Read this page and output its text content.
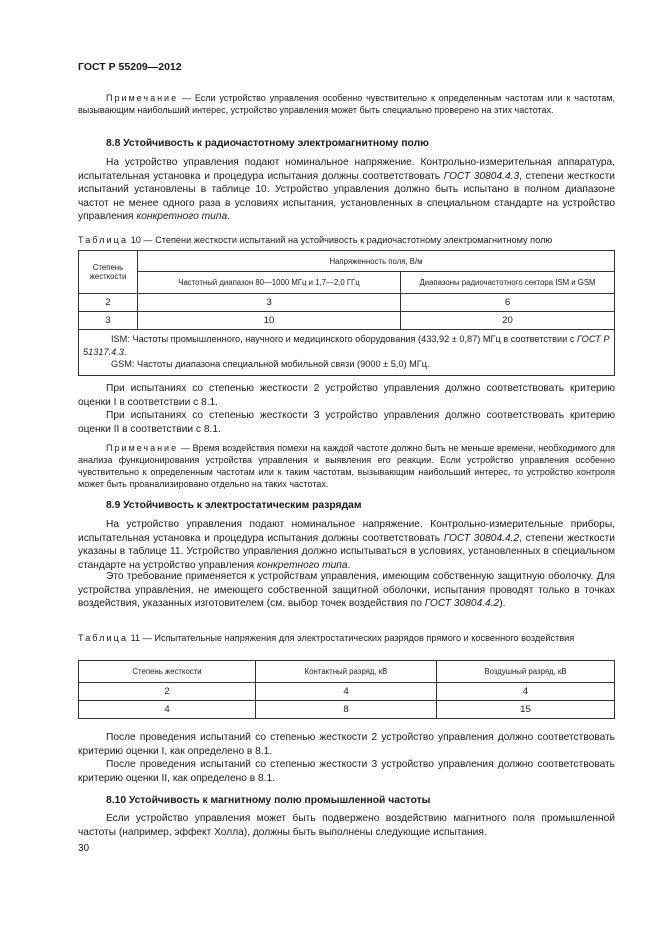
ГОСТ Р 55209—2012

Примечание — Если устройство управления особенно чувствительно к определенным частотам или к частотам, вызывающим наибольший интерес, устройство управления может быть специально проверено на этих частотах.

8.8 Устойчивость к радиочастотному электромагнитному полю

На устройство управления подают номинальное напряжение. Контрольно-измерительная аппаратура, испытательная установка и процедура испытания должны соответствовать ГОСТ 30804.4.3, степени жесткости испытаний установлены в таблице 10. Устройство управления должно быть испытано в полном диапазоне частот не менее одного раза в условиях испытания, установленных в специальном стандарте на устройство управления конкретного типа.

Таблица 10 — Степени жесткости испытаний на устойчивость к радиочастотному электромагнитному полю

Степень жесткости	Напряженность поля, В/м	
	Частотный диапазон 80—1000 МГц и 1,7—2,0 ГГц	Диапазоны радиочастотного сектора ISM и GSM
2	3	6
3	10	20

ISM: Частоты промышленного, научного и медицинского оборудования (433,92 ± 0,87) МГц в соответствии с ГОСТ Р 51317.4.3.
GSM: Частоты диапазона специальной мобильной связи (9000 ± 5,0) МГц.		

При испытаниях со степенью жесткости 2 устройство управления должно соответствовать критерию оценки I в соответствии с 8.1.

При испытаниях со степенью жесткости 3 устройство управления должно соответствовать критерию оценки II в соответствии с 8.1.

Примечание — Время воздействия помехи на каждой частоте должно быть не меньше времени, необходимого для анализа функционирования устройства управления и выявления его реакции. Если устройство управления особенно чувствительно к определенным частотам или к таким частотам, вызывающим наибольший интерес, то устройство контроля может быть проанализировано отдельно на таких частотах.

8.9 Устойчивость к электростатическим разрядам

На устройство управления подают номинальное напряжение. Контрольно-измерительные приборы, испытательная установка и процедура испытания должны соответствовать ГОСТ 30804.4.2, степени жесткости указаны в таблице 11. Устройство управления должно испытываться в условиях, установленных в специальном стандарте на устройство управления конкретного типа.

Это требование применяется к устройствам управления, имеющим собственную защитную оболочку. Для устройства управления, не имеющего собственной защитной оболочки, испытания проводят только в точках воздействия, указанных изготовителем (см. выбор точек воздействия по ГОСТ 30804.4.2).

Таблица 11 — Испытательные напряжения для электростатических разрядов прямого и косвенного воздействия

Степень жесткости	Контактный разряд, кВ	Воздушный разряд, кВ
2	4	4
4	8	15

После проведения испытаний со степенью жесткости 2 устройство управления должно соответствовать критерию оценки I, как определено в 8.1.

После проведения испытаний со степенью жесткости 3 устройство управления должно соответствовать критерию оценки II, как определено в 8.1.

8.10 Устойчивость к магнитному полю промышленной частоты

Если устройство управления может быть подвержено воздействию магнитного поля промышленной частоты (например, эффект Холла), должны быть выполнены следующие испытания.

30
